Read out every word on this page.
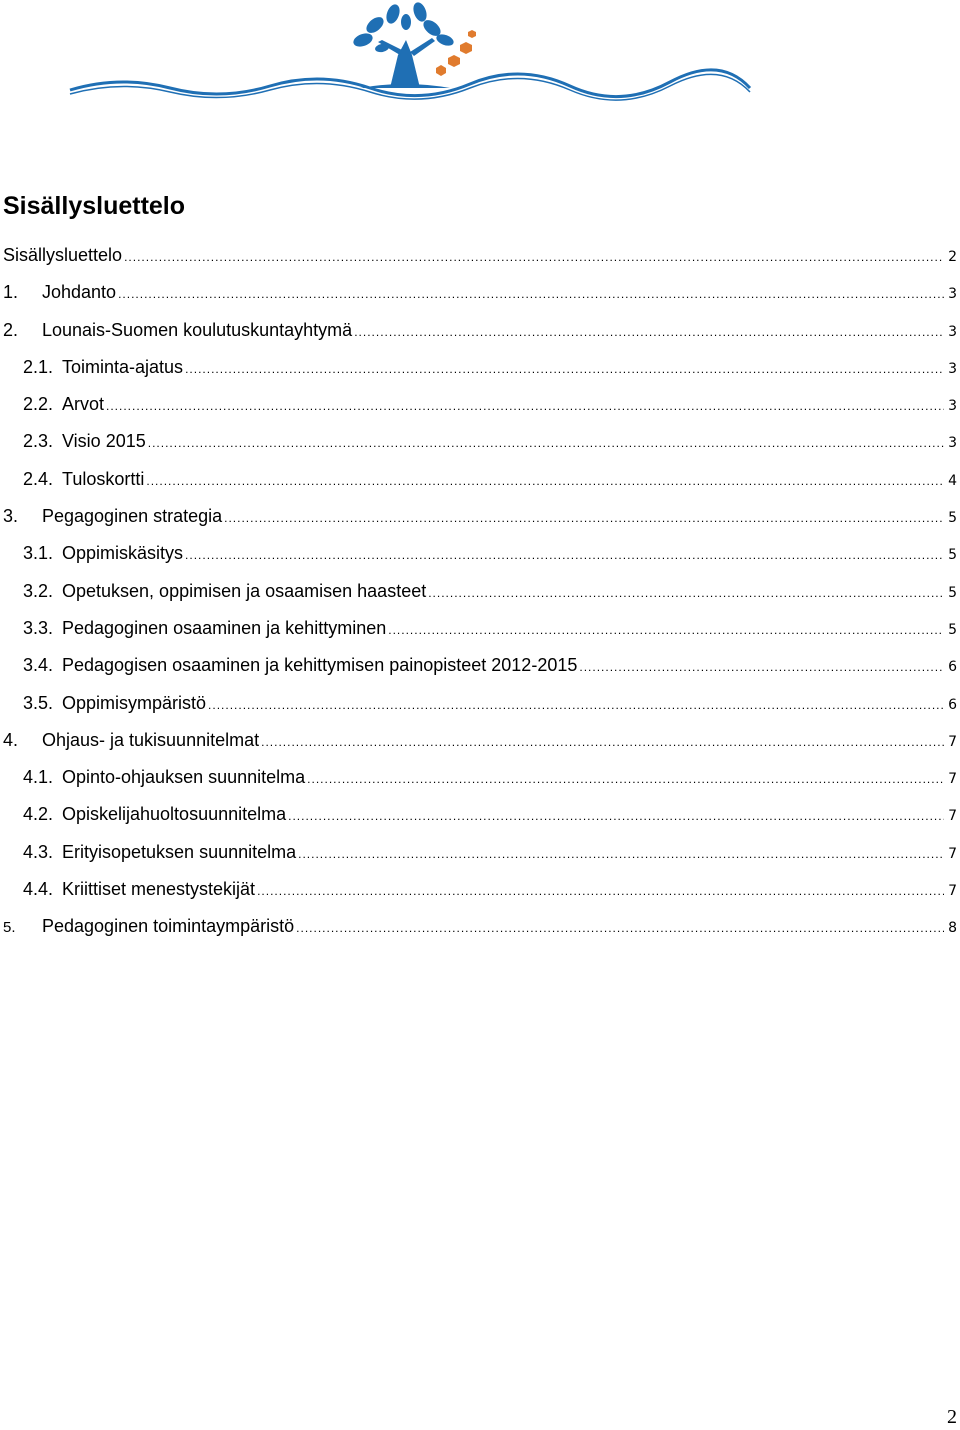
Sisällysluettelo
Sisällysluettelo .....	2
1.	Johdanto .....	3
2.	Lounais-Suomen koulutuskuntayhtymä .....	3
2.1. Toiminta-ajatus .....	3
2.2. Arvot .....	3
2.3. Visio 2015 .....	3
2.4. Tuloskortti .....	4
3.	Pegagoginen strategia .....	5
3.1. Oppimiskäsitys .....	5
3.2. Opetuksen, oppimisen ja osaamisen haasteet .....	5
3.3. Pedagoginen osaaminen ja kehittyminen .....	5
3.4. Pedagogisen osaaminen ja kehittymisen painopisteet 2012-2015 .....	6
3.5. Oppimisympäristö .....	6
4.	Ohjaus- ja tukisuunnitelmat .....	7
4.1. Opinto-ohjauksen suunnitelma .....	7
4.2. Opiskelijahuoltosuunnitelma .....	7
4.3. Erityisopetuksen suunnitelma .....	7
4.4. Kriittiset menestystekijät .....	7
5.	Pedagoginen toimintaympäristö .....	8
2
